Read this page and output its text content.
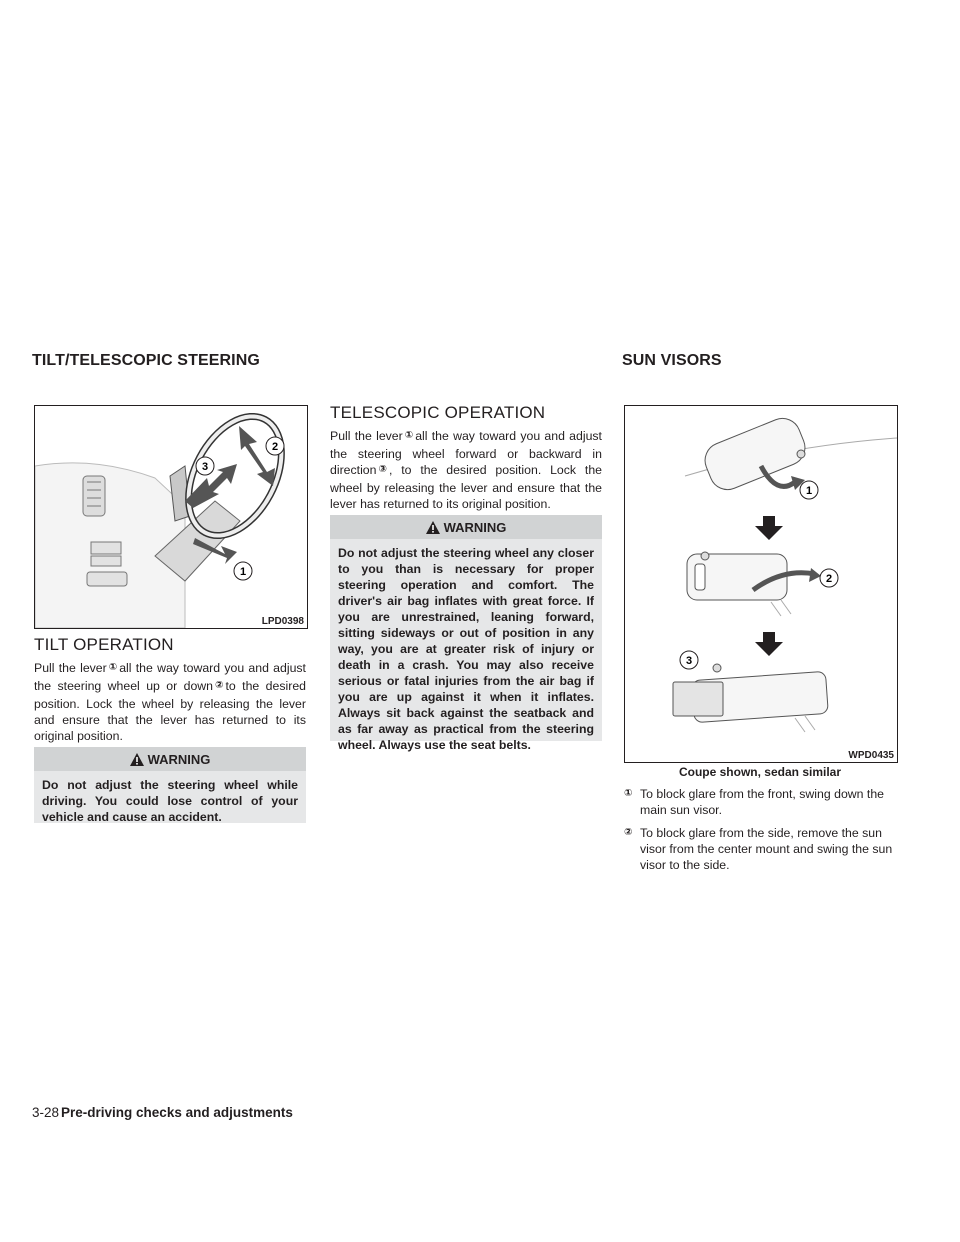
TILT/TELESCOPIC STEERING	SUN VISORS
2
3
1
LPD0398
TILT OPERATION

Pull the lever ① all the way toward you and adjust the steering wheel up or down ② to the desired position. Lock the wheel by releasing the lever and ensure that the lever has returned to its original position.

WARNING
Do not adjust the steering wheel while driving. You could lose control of your vehicle and cause an accident.
TELESCOPIC OPERATION

Pull the lever ① all the way toward you and adjust the steering wheel forward or backward in direction ③ , to the desired position. Lock the wheel by releasing the lever and ensure that the lever has returned to its original position.

WARNING
Do not adjust the steering wheel any closer to you than is necessary for proper steering operation and comfort. The driver's air bag inflates with great force. If you are unrestrained, leaning forward, sitting sideways or out of position in any way, you are at greater risk of injury or death in a crash. You may also receive serious or fatal injuries from the air bag if you are up against it when it inflates. Always sit back against the seatback and as far away as practical from the steering wheel. Always use the seat belts.
1
2
3
WPD0435
Coupe shown, sedan similar
① To block glare from the front, swing down the main sun visor.
② To block glare from the side, remove the sun visor from the center mount and swing the sun visor to the side.
3-28 Pre-driving checks and adjustments
